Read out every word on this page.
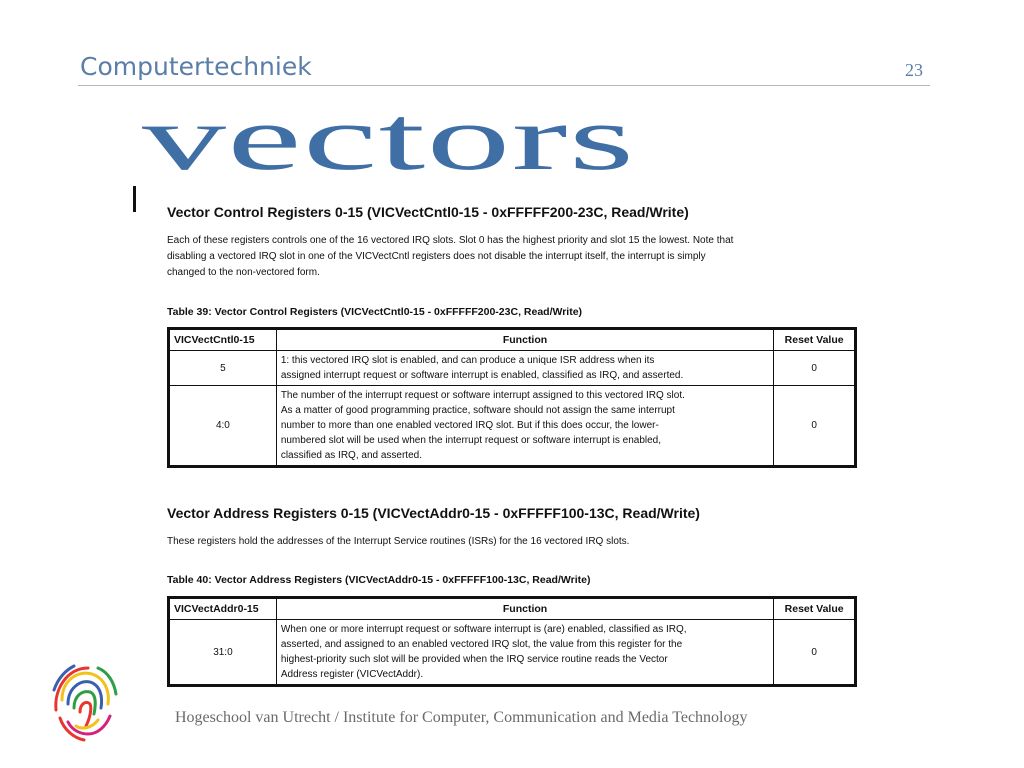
Computertechniek	23
vectors
Vector Control Registers 0-15 (VICVectCntl0-15 - 0xFFFFF200-23C, Read/Write)
Each of these registers controls one of the 16 vectored IRQ slots. Slot 0 has the highest priority and slot 15 the lowest. Note that
disabling a vectored IRQ slot in one of the VICVectCntl registers does not disable the interrupt itself, the interrupt is simply
changed to the non-vectored form.
Table 39: Vector Control Registers (VICVectCntl0-15 - 0xFFFFF200-23C, Read/Write)
VICVectCntl0-15	Function	Reset Value
5	1: this vectored IRQ slot is enabled, and can produce a unique ISR address when its
assigned interrupt request or software interrupt is enabled, classified as IRQ, and asserted.	0
4:0	The number of the interrupt request or software interrupt assigned to this vectored IRQ slot.
As a matter of good programming practice, software should not assign the same interrupt
number to more than one enabled vectored IRQ slot. But if this does occur, the lower-
numbered slot will be used when the interrupt request or software interrupt is enabled,
classified as IRQ, and asserted.	0
Vector Address Registers 0-15 (VICVectAddr0-15 - 0xFFFFF100-13C, Read/Write)
These registers hold the addresses of the Interrupt Service routines (ISRs) for the 16 vectored IRQ slots.
Table 40: Vector Address Registers (VICVectAddr0-15 - 0xFFFFF100-13C, Read/Write)
VICVectAddr0-15	Function	Reset Value
31:0	When one or more interrupt request or software interrupt is (are) enabled, classified as IRQ,
asserted, and assigned to an enabled vectored IRQ slot, the value from this register for the
highest-priority such slot will be provided when the IRQ service routine reads the Vector
Address register (VICVectAddr).	0
Hogeschool van Utrecht / Institute for Computer, Communication and Media Technology
